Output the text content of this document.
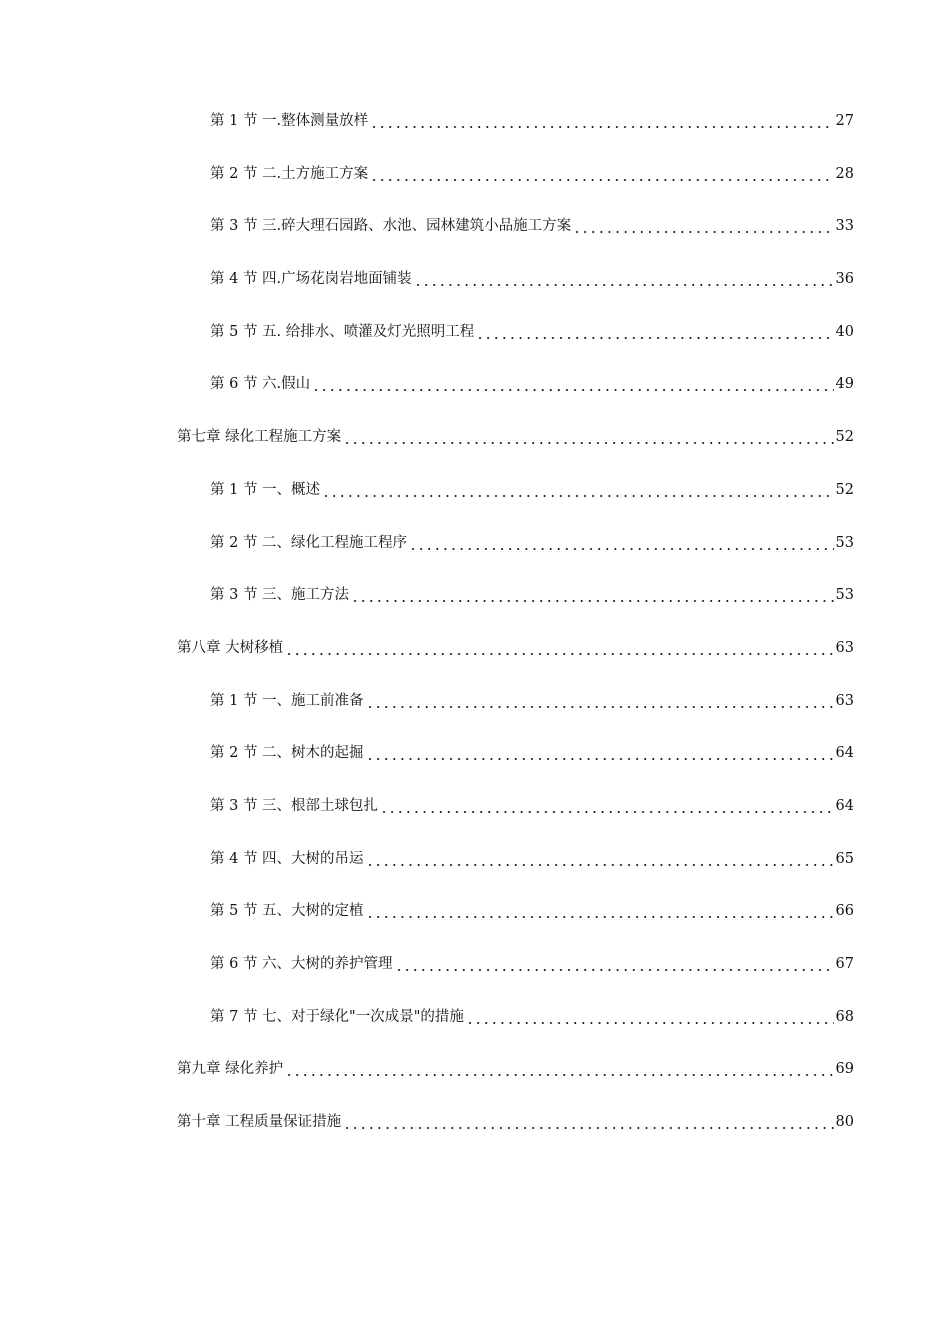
第 1 节 一.整体测量放样	27
第 2 节 二.土方施工方案	28
第 3 节 三.碎大理石园路、水池、园林建筑小品施工方案	33
第 4 节 四.广场花岗岩地面铺装	36
第 5 节 五. 给排水、喷灌及灯光照明工程	40
第 6 节 六.假山	49
第七章 绿化工程施工方案	52
第 1 节 一、概述	52
第 2 节 二、绿化工程施工程序	53
第 3 节 三、施工方法	53
第八章 大树移植	63
第 1 节 一、施工前准备	63
第 2 节 二、树木的起掘	64
第 3 节 三、根部土球包扎	64
第 4 节 四、大树的吊运	65
第 5 节 五、大树的定植	66
第 6 节 六、大树的养护管理	67
第 7 节 七、对于绿化"一次成景"的措施	68
第九章 绿化养护	69
第十章 工程质量保证措施	80
